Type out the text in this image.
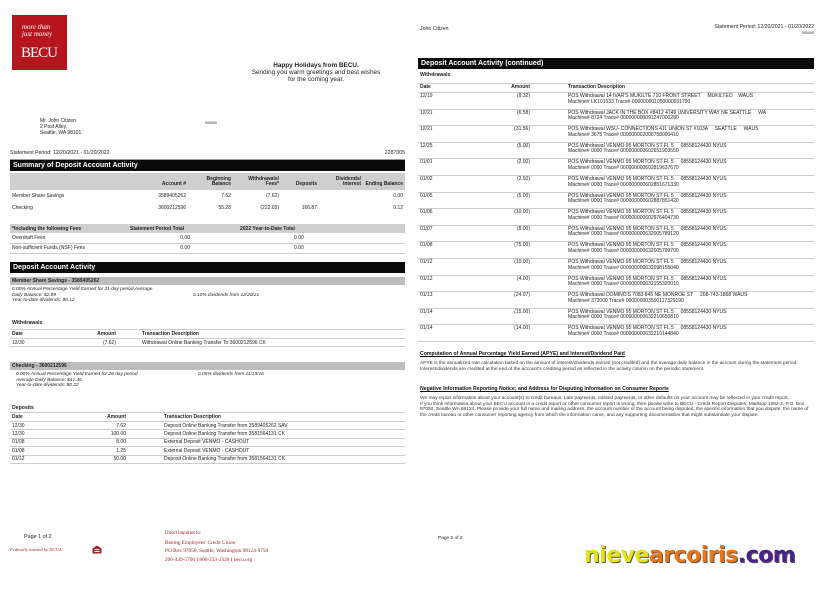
more than just money
BECU
Happy Holidays from BECU.
Sending you warm greetings and best wishes
for the coming year.
Mr. John Citizen
2 Post Alley,
Seattle, WA 98101
000000
Statement Period: 12/20/2021 - 01/20/2022	2287005
Summary of Deposit Account Activity
	Account #	Beginning Balance	Withdrawals/ Fees*	Deposits	Dividends/ Interest	Ending Balance
Member Share Savings	3589405262	7.62	(7.62)			0.00
Checking	3600212596	55.28	(222.03)	166.87		0.12
*Including the following Fees	Statement Period Total	2022 Year-to-Date Total
Overdraft Fees	0.00	0.00
Non-sufficient Funds (NSF) Fees	0.00	0.00
Deposit Account Activity
Member Share Savings - 3589405262
0.00% Annual Percentage Yield Earned for 31 day period Average
Daily Balance: $2.99
Year-to-date dividends: $0.12
0.10% dividends from 12/20/21
Withdrawals
Date	Amount	Transaction Description
12/30	(7.62)	Withdrawal Online Banking Transfer To 3600212596 CK
Checking - 3600212596
0.00% Annual Percentage Yield Earned for 28 day period
Average Daily Balance: $41.46
Year-to-date dividends: $0.22
0.05% dividends from 11/19/16
Deposits
Date	Amount	Transaction Description
12/30	7.62	Deposit Online Banking Transfer from 3589405262 SAV
12/30	100.00	Deposit Online Banking Transfer from 3581564131 CK
01/08	8.00	External Deposit VENMO - CASHOUT
01/08	1.25	External Deposit VENMO - CASHOUT
01/12	50.00	Deposit Online Banking Transfer from 3581564131 CK
Page 1 of 2
Federally insured by NCUA
Direct inquiries to:
Boeing Employees' Credit Union
PO Box 97050, Seattle, Washington 98124-9750
206-439-5700 I 800-233-2328 I becu.org
John Citizen	Statement Period: 12/20/2021 - 01/20/2022
000000
Deposit Account Activity (continued)
Withdrawals
Date	Amount	Transaction Description
12/19	(9.32)	POS Withdrawal 14 IVAR'S MUKILTE 710 FRONT STREET     MUKILTEO    WAUS
Machine# LK101533 Trace# 000000001050000031790

12/21	(6.58)	POS Withdrawal JACK IN THE BOX #8412 4749 UNIVERSITY WAY NE SEATTLE     WA
Machine# 8724 Trace# 000000000091247000280

12/21	(31.56)	POS Withdrawal WSU- CONNECTIONS 411 UNION ST #103A     SEATTLE     WAUS
Machine# 3675 Trace# 000000002006758000410

12/25	(5.00)	POS Withdrawal VENMO 95 MORTON ST FL 5     08558124430 NYUS
Machine# 0000 Trace# 000000000602651903550

01/01	(2.00)	POS Withdrawal VENMO 95 MORTON ST FL 5     08558124430 NYUS
Machine# 0000 Trace# 000000000602819637670

01/02	(2.50)	POS Withdrawal VENMO 95 MORTON ST FL 5     08558124430 NYUS
Machine# 0000 Trace# 000000000602851671330

01/05	(5.00)	POS Withdrawal VENMO 95 MORTON ST FL 5     08558124430 NYUS
Machine# 0000 Trace# 000000000602887851420

01/06	(10.00)	POS Withdrawal VENMO 95 MORTON ST FL 5     08558124430 NYUS
Machine# 0000 Trace# 000000000602976404730

01/07	(8.00)	POS Withdrawal VENMO 95 MORTON ST FL 5     08558124430 NYUS
Machine# 0000 Trace# 000000000632005789120

01/08	(75.00)	POS Withdrawal VENMO 95 MORTON ST FL 5     08558124430 NYUS
Machine# 0000 Trace# 000000000632005799700

01/12	(10.00)	POS Withdrawal VENMO 95 MORTON ST FL 5     08558124430 NYUS
Machine# 0000 Trace# 000000000632098155040

01/12	(4.00)	POS Withdrawal VENMO 95 MORTON ST FL 5     08558124430 NYUS
Machine# 0000 Trace# 000000000632155320010

01/13	(24.07)	POS Withdrawal DOMINO'S 7083 845 NE MONROE ST     208-743-1868 WAUS
Machine# 372000 Trace# 000000003500117329190

01/14	(15.00)	POS Withdrawal VENMO 95 MORTON ST FL 5     08558124430 NYUS
Machine# 0000 Trace# 000000000632210650810

01/14	(14.00)	POS Withdrawal VENMO 95 MORTON ST FL 5     08558124430 NYUS
Machine# 0000 Trace# 000000000632210144840
Computation of Annual Percentage Yield Earned (APYE) and Interest/Dividend Paid

APYE is the annualized rate calculation based on the amount of interest/dividends earned (not credited) and the average daily balance in the account during the statement period. Interest/dividends are credited at the end of the account's crediting period as reflected in the activity column on the periodic statement.

Negative Information Reporting Notice; and Address for Disputing Information on Consumer Reports

We may report information about your account(s) to credit bureaus. Late payments, missed payments, or other defaults on your account may be reflected in your credit report.

If you think information about your BECU account in a credit report or other consumer report is wrong, then please write to BECU - Credit Report Disputes, Mailstop 1082-2, P.O. Box 97050, Seattle WA 98124. Please provide your full name and mailing address, the account number of the account being disputed, the specific information that you dispute, the name of the credit bureau or other consumer reporting agency from which the information came, and any supporting documentation that might substantiate your dispute.

Page 2 of 2
nievearcoiris.com
